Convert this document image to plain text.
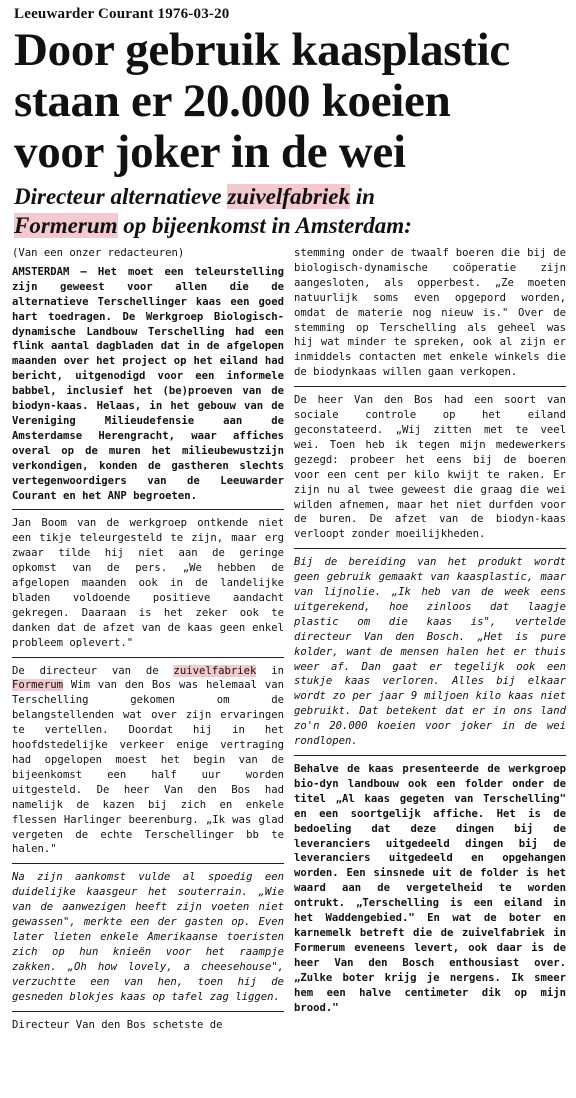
Leeuwarder Courant 1976-03-20
Door gebruik kaasplastic
staan er 20.000 koeien
voor joker in de wei
Directeur alternatieve zuivelfabriek in
Formerum op bijeenkomst in Amsterdam:

(Van een onzer redacteuren)

AMSTERDAM — Het moet een teleurstelling zijn geweest voor allen die de alternatieve Terschellinger kaas een goed hart toedragen. De Werkgroep Biologisch-dynamische Landbouw Terschelling had een flink aantal dagbladen dat in de afgelopen maanden over het project op het eiland had bericht, uitgenodigd voor een informele babbel, inclusief het (be)proeven van de biodyn-kaas. Helaas, in het gebouw van de Vereniging Milieudefensie aan de Amsterdamse Herengracht, waar affiches overal op de muren het milieubewustzijn verkondigen, konden de gastheren slechts vertegenwoordigers van de Leeuwarder Courant en het ANP begroeten.

Jan Boom van de werkgroep ontkende niet een tikje teleurgesteld te zijn, maar erg zwaar tilde hij niet aan de geringe opkomst van de pers. „We hebben de afgelopen maanden ook in de landelijke bladen voldoende positieve aandacht gekregen. Daaraan is het zeker ook te danken dat de afzet van de kaas geen enkel probleem oplevert."

De directeur van de zuivelfabriek in Formerum Wim van den Bos was helemaal van Terschelling gekomen om de belangstellenden wat over zijn ervaringen te vertellen. Doordat hij in het hoofdstedelijke verkeer enige vertraging had opgelopen moest het begin van de bijeenkomst een half uur worden uitgesteld. De heer Van den Bos had namelijk de kazen bij zich en enkele flessen Harlinger beerenburg. „Ik was glad vergeten de echte Terschellinger bb te halen."

Na zijn aankomst vulde al spoedig een duidelijke kaasgeur het souterrain. „Wie van de aanwezigen heeft zijn voeten niet gewassen", merkte een der gasten op. Even later lieten enkele Amerikaanse toeristen zich op hun knieën voor het raampje zakken. „Oh how lovely, a cheesehouse", verzuchtte een van hen, toen hij de gesneden blokjes kaas op tafel zag liggen.

Directeur Van den Bos schetste de

stemming onder de twaalf boeren die bij de biologisch-dynamische coöperatie zijn aangesloten, als opperbest. „Ze moeten natuurlijk soms even opgepord worden, omdat de materie nog nieuw is." Over de stemming op Terschelling als geheel was hij wat minder te spreken, ook al zijn er inmiddels contacten met enkele winkels die de biodynkaas willen gaan verkopen.

De heer Van den Bos had een soort van sociale controle op het eiland geconstateerd. „Wij zitten met te veel wei. Toen heb ik tegen mijn medewerkers gezegd: probeer het eens bij de boeren voor een cent per kilo kwijt te raken. Er zijn nu al twee geweest die graag die wei wilden afnemen, maar het niet durfden voor de buren. De afzet van de biodyn-kaas verloopt zonder moeilijkheden.

Bij de bereiding van het produkt wordt geen gebruik gemaakt van kaasplastic, maar van lijnolie. „Ik heb van de week eens uitgerekend, hoe zinloos dat laagje plastic om die kaas is", vertelde directeur Van den Bosch. „Het is pure kolder, want de mensen halen het er thuis weer af. Dan gaat er tegelijk ook een stukje kaas verloren. Alles bij elkaar wordt zo per jaar 9 miljoen kilo kaas niet gebruikt. Dat betekent dat er in ons land zo'n 20.000 koeien voor joker in de wei rondlopen.

Behalve de kaas presenteerde de werkgroep bio-dyn landbouw ook een folder onder de titel „Al kaas gegeten van Terschelling" en een soortgelijk affiche. Het is de bedoeling dat deze dingen bij de leveranciers uitgedeeld dingen bij de leveranciers uitgedeeld en opgehangen worden. Een sinsnede uit de folder is het waard aan de vergetelheid te worden ontrukt. „Terschelling is een eiland in het Waddengebied." En wat de boter en karnemelk betreft die de zuivelfabriek in Formerum eveneens levert, ook daar is de heer Van den Bosch enthousiast over. „Zulke boter krijg je nergens. Ik smeer hem een halve centimeter dik op mijn brood."
